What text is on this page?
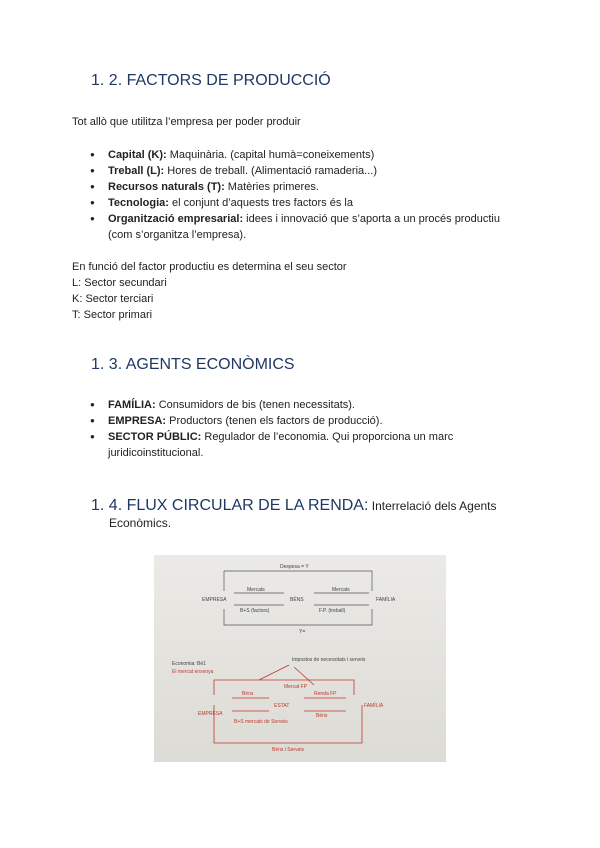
1. 2. FACTORS DE PRODUCCIÓ

Tot allò que utilitza l’empresa per poder produir

● Capital (K): Maquinària. (capital humà=coneixements)
● Treball (L): Hores de treball. (Alimentació ramaderia...)
● Recursos naturals (T): Matèries primeres.
● Tecnologia: el conjunt d’aquests tres factors és la
● Organització empresarial: idees i innovació que s’aporta a un procés productiu (com s’organitza l’empresa).

En funció del factor productiu es determina el seu sector

L: Sector secundari

K: Sector terciari

T: Sector primari

1. 3. AGENTS ECONÒMICS
● FAMÍLIA: Consumidors de bis (tenen necessitats).
● EMPRESA: Productors (tenen els factors de producció).
● SECTOR PÚBLIC: Regulador de l’economia. Qui proporciona un marc juridicoinstitucional.
1. 4. FLUX CIRCULAR DE LA RENDA: Interrelació dels Agents

Econòmics.

Despesa = Y
EMPRESA	BÉNS	FAMÍLIA
Y=
Mercats
B+S (factors)
Mercats
F.P. (treball)
Economia: Bé1
El mercat ensenya
Impostos de necessitats i serveis
EMPRESA
ESTAT	FAMÍLIA
Mercat FP
Renda FP
Béns
Béns
B+S mercats de Serveis
Béns i Serveis
